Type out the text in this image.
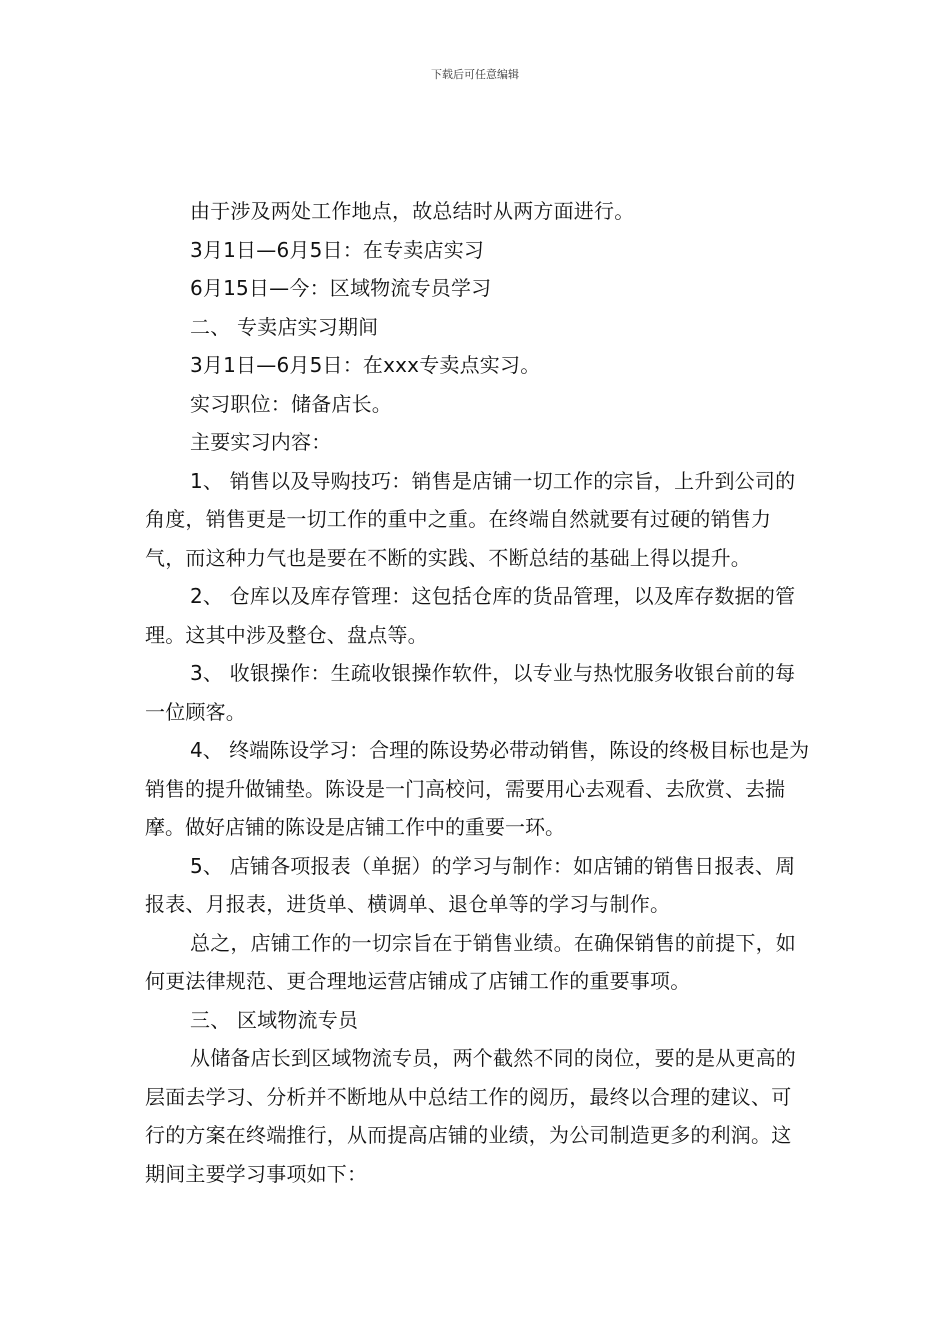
下载后可任意编辑

由于涉及两处工作地点，故总结时从两方面进行。

3月1日—6月5日：在专卖店实习

6月15日—今：区域物流专员学习

二、 专卖店实习期间

3月1日—6月5日：在xxx专卖点实习。

实习职位：储备店长。

主要实习内容：

1、 销售以及导购技巧：销售是店铺一切工作的宗旨，上升到公司的角度，销售更是一切工作的重中之重。在终端自然就要有过硬的销售力气，而这种力气也是要在不断的实践、不断总结的基础上得以提升。

2、 仓库以及库存管理：这包括仓库的货品管理，以及库存数据的管理。这其中涉及整仓、盘点等。

3、 收银操作：生疏收银操作软件，以专业与热忱服务收银台前的每一位顾客。

4、 终端陈设学习：合理的陈设势必带动销售，陈设的终极目标也是为销售的提升做铺垫。陈设是一门高校问，需要用心去观看、去欣赏、去揣摩。做好店铺的陈设是店铺工作中的重要一环。

5、 店铺各项报表（单据）的学习与制作：如店铺的销售日报表、周报表、月报表，进货单、横调单、退仓单等的学习与制作。

总之，店铺工作的一切宗旨在于销售业绩。在确保销售的前提下，如何更法律规范、更合理地运营店铺成了店铺工作的重要事项。

三、 区域物流专员

从储备店长到区域物流专员，两个截然不同的岗位，要的是从更高的层面去学习、分析并不断地从中总结工作的阅历，最终以合理的建议、可行的方案在终端推行，从而提高店铺的业绩，为公司制造更多的利润。这期间主要学习事项如下：
